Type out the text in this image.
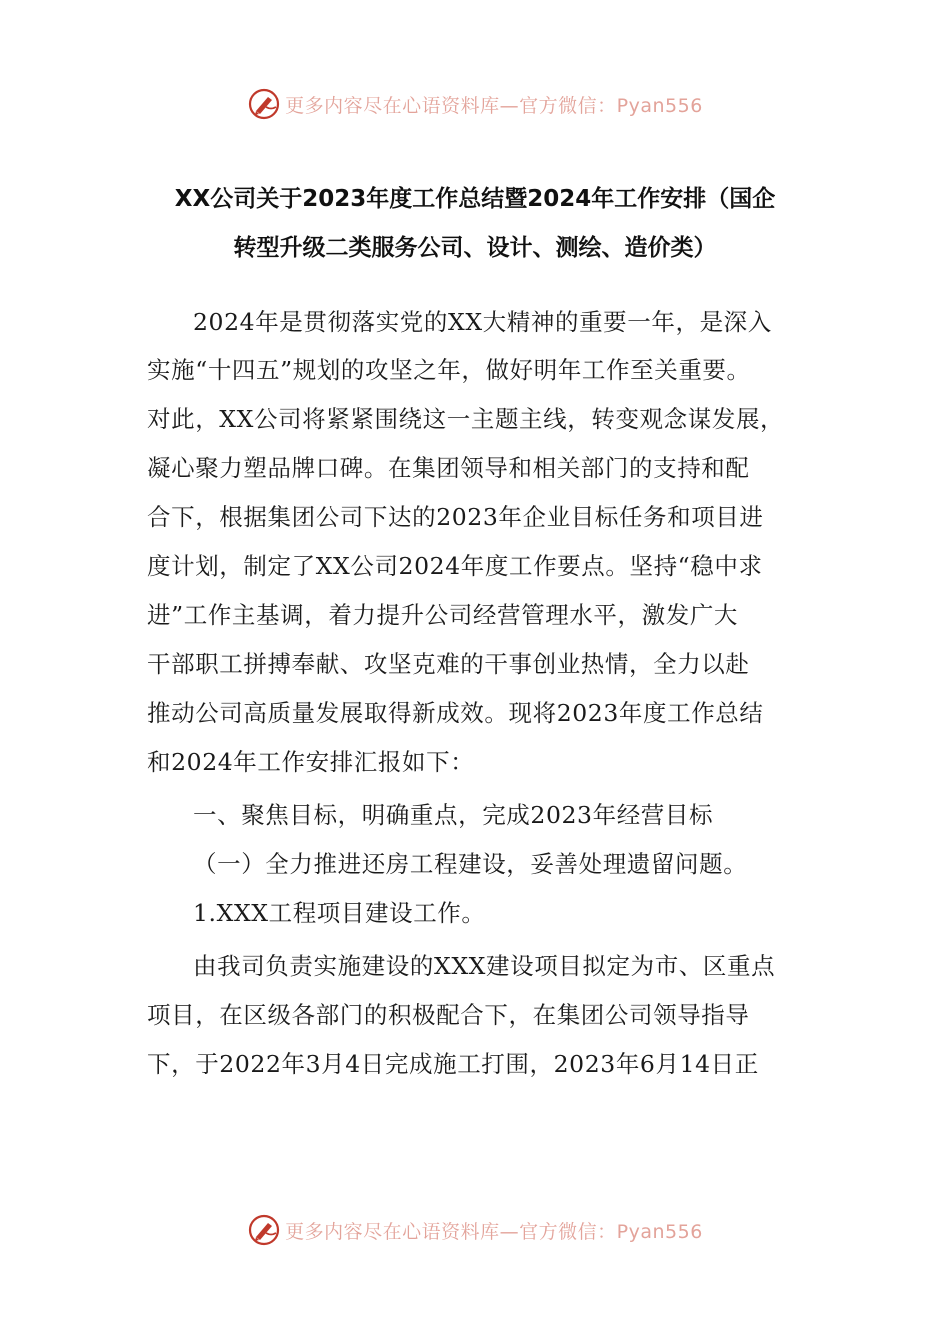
更多内容尽在心语资料库—官方微信：Pyan556
XX公司关于2023年度工作总结暨2024年工作安排（国企
转型升级二类服务公司、设计、测绘、造价类）
2024年是贯彻落实党的XX大精神的重要一年，是深入
实施“十四五”规划的攻坚之年，做好明年工作至关重要。
对此，XX公司将紧紧围绕这一主题主线，转变观念谋发展，
凝心聚力塑品牌口碑。在集团领导和相关部门的支持和配
合下，根据集团公司下达的2023年企业目标任务和项目进
度计划，制定了XX公司2024年度工作要点。坚持“稳中求
进”工作主基调，着力提升公司经营管理水平，激发广大
干部职工拼搏奉献、攻坚克难的干事创业热情，全力以赴
推动公司高质量发展取得新成效。现将2023年度工作总结
和2024年工作安排汇报如下：
一、聚焦目标，明确重点，完成2023年经营目标
（一）全力推进还房工程建设，妥善处理遗留问题。
1.XXX工程项目建设工作。
由我司负责实施建设的XXX建设项目拟定为市、区重点
项目，在区级各部门的积极配合下，在集团公司领导指导
下，于2022年3月4日完成施工打围，2023年6月14日正
更多内容尽在心语资料库—官方微信：Pyan556
